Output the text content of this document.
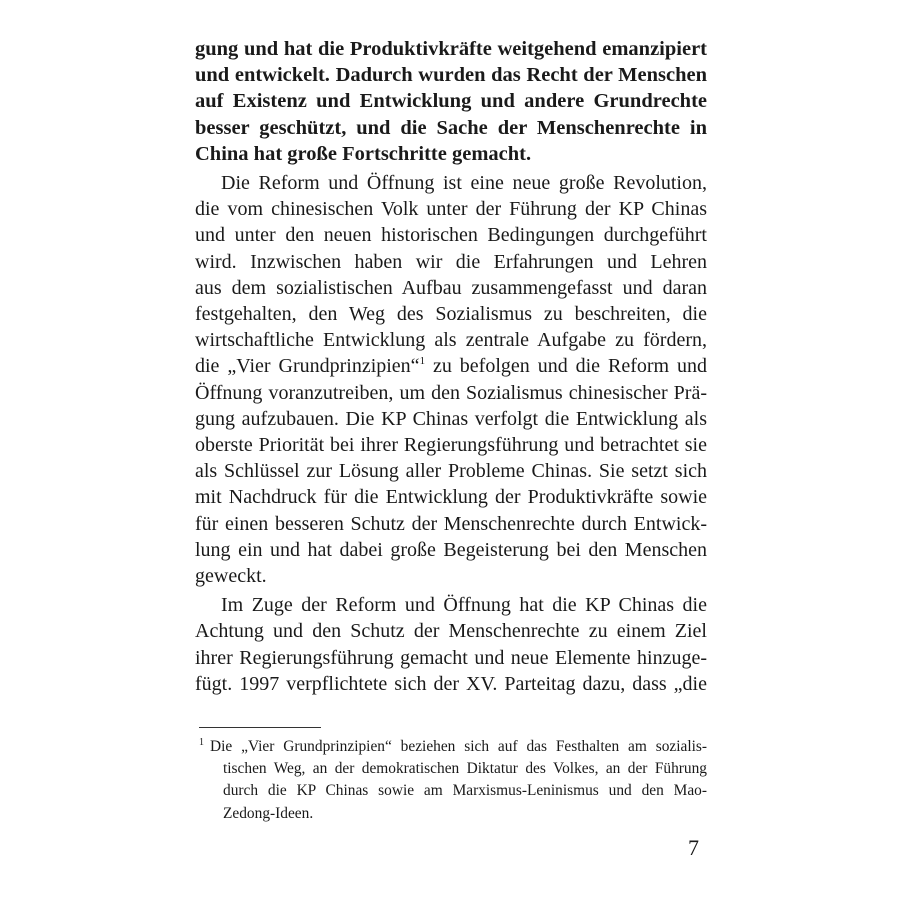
gung und hat die Produktivkräfte weitgehend emanzipiert
und entwickelt. Dadurch wurden das Recht der Menschen
auf Existenz und Entwicklung und andere Grundrechte
besser geschützt, und die Sache der Menschenrechte in
China hat große Fortschritte gemacht.
Die Reform und Öffnung ist eine neue große Revolution,
die vom chinesischen Volk unter der Führung der KP Chinas
und unter den neuen historischen Bedingungen durchgeführt
wird. Inzwischen haben wir die Erfahrungen und Lehren
aus dem sozialistischen Aufbau zusammengefasst und daran
festgehalten, den Weg des Sozialismus zu beschreiten, die
wirtschaftliche Entwicklung als zentrale Aufgabe zu fördern,
die „Vier Grundprinzipien“$^1$ zu befolgen und die Reform und
Öffnung voranzutreiben, um den Sozialismus chinesischer Prä-
gung aufzubauen. Die KP Chinas verfolgt die Entwicklung als
oberste Priorität bei ihrer Regierungsführung und betrachtet sie
als Schlüssel zur Lösung aller Probleme Chinas. Sie setzt sich
mit Nachdruck für die Entwicklung der Produktivkräfte sowie
für einen besseren Schutz der Menschenrechte durch Entwick-
lung ein und hat dabei große Begeisterung bei den Menschen
geweckt.
Im Zuge der Reform und Öffnung hat die KP Chinas die
Achtung und den Schutz der Menschenrechte zu einem Ziel
ihrer Regierungsführung gemacht und neue Elemente hinzuge-
fügt. 1997 verpflichtete sich der XV. Parteitag dazu, dass „die
$^1$ Die „Vier Grundprinzipien“ beziehen sich auf das Festhalten am sozialis-
tischen Weg, an der demokratischen Diktatur des Volkes, an der Führung
durch die KP Chinas sowie am Marxismus-Leninismus und den Mao-
Zedong-Ideen.
7
